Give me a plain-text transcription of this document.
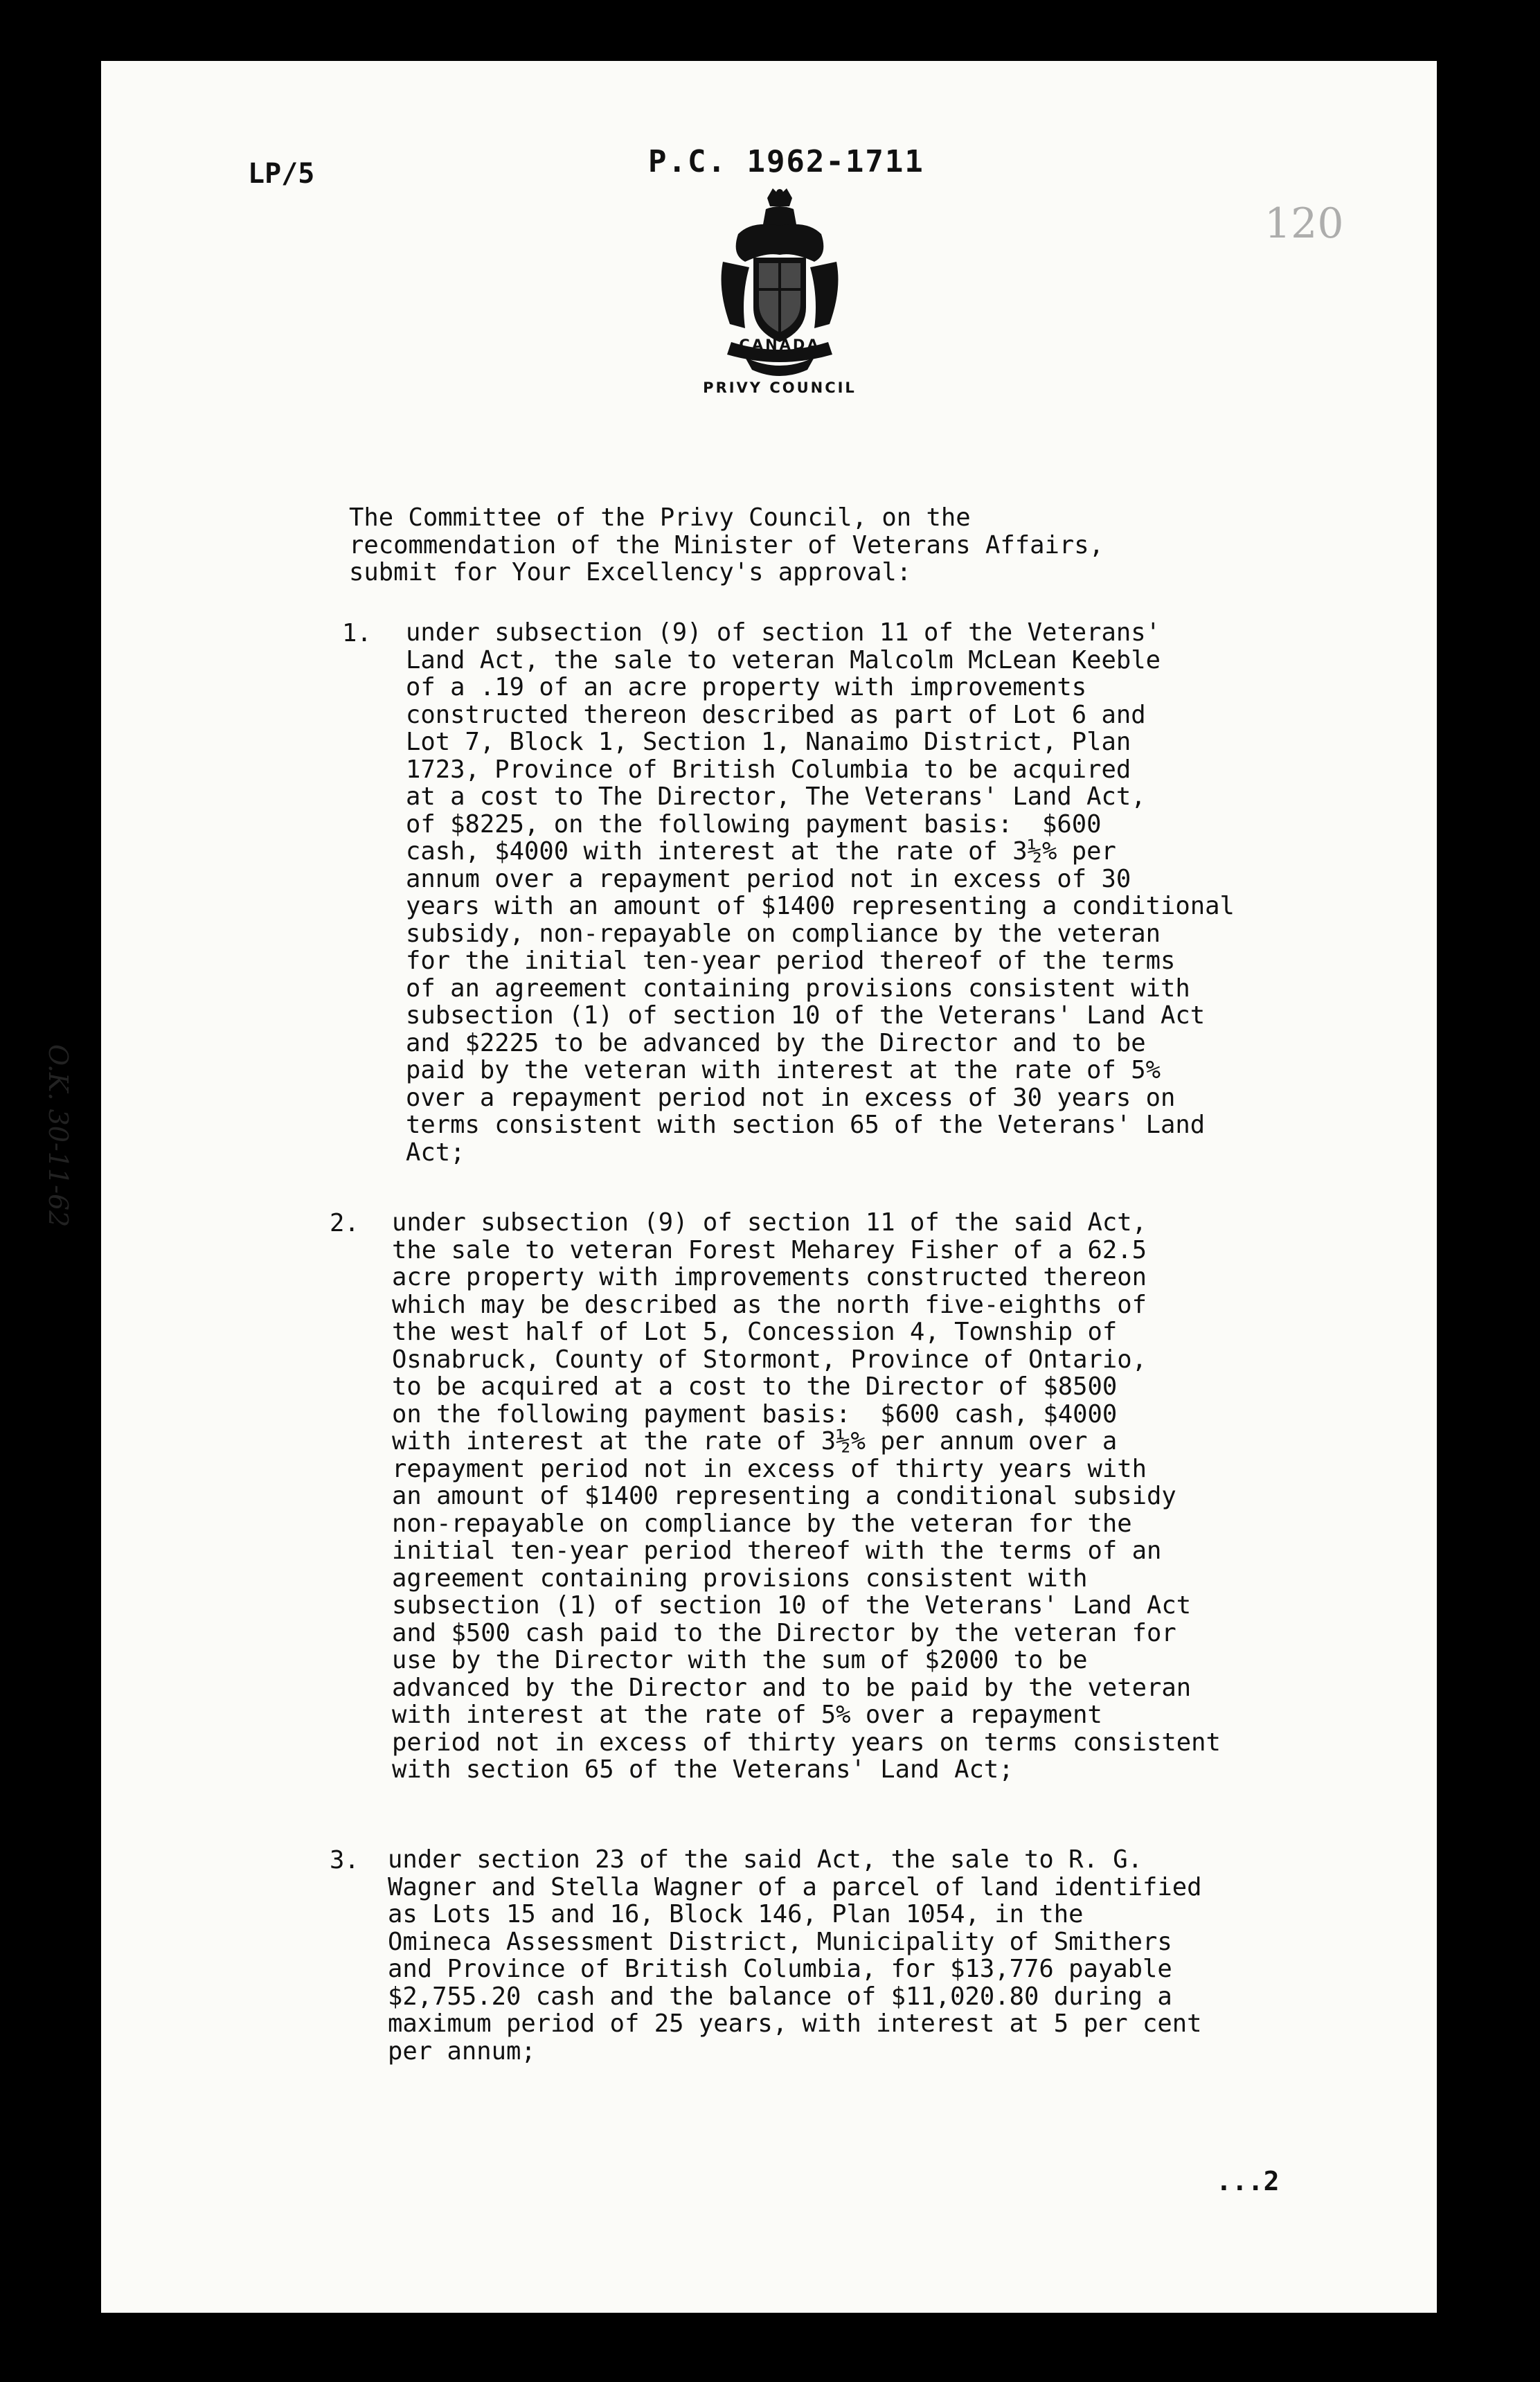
LP/5	P.C. 1962-1711
120
CANADA
PRIVY COUNCIL
O.K. 30-11-62
The Committee of the Privy Council, on the
recommendation of the Minister of Veterans Affairs,
submit for Your Excellency's approval:
1. under subsection (9) of section 11 of the Veterans'
Land Act, the sale to veteran Malcolm McLean Keeble
of a .19 of an acre property with improvements
constructed thereon described as part of Lot 6 and
Lot 7, Block 1, Section 1, Nanaimo District, Plan
1723, Province of British Columbia to be acquired
at a cost to The Director, The Veterans' Land Act,
of $8225, on the following payment basis:  $600
cash, $4000 with interest at the rate of 3½% per
annum over a repayment period not in excess of 30
years with an amount of $1400 representing a conditional
subsidy, non-repayable on compliance by the veteran
for the initial ten-year period thereof of the terms
of an agreement containing provisions consistent with
subsection (1) of section 10 of the Veterans' Land Act
and $2225 to be advanced by the Director and to be
paid by the veteran with interest at the rate of 5%
over a repayment period not in excess of 30 years on
terms consistent with section 65 of the Veterans' Land
Act;
2. under subsection (9) of section 11 of the said Act,
the sale to veteran Forest Meharey Fisher of a 62.5
acre property with improvements constructed thereon
which may be described as the north five-eighths of
the west half of Lot 5, Concession 4, Township of
Osnabruck, County of Stormont, Province of Ontario,
to be acquired at a cost to the Director of $8500
on the following payment basis:  $600 cash, $4000
with interest at the rate of 3½% per annum over a
repayment period not in excess of thirty years with
an amount of $1400 representing a conditional subsidy
non-repayable on compliance by the veteran for the
initial ten-year period thereof with the terms of an
agreement containing provisions consistent with
subsection (1) of section 10 of the Veterans' Land Act
and $500 cash paid to the Director by the veteran for
use by the Director with the sum of $2000 to be
advanced by the Director and to be paid by the veteran
with interest at the rate of 5% over a repayment
period not in excess of thirty years on terms consistent
with section 65 of the Veterans' Land Act;
3. under section 23 of the said Act, the sale to R. G.
Wagner and Stella Wagner of a parcel of land identified
as Lots 15 and 16, Block 146, Plan 1054, in the
Omineca Assessment District, Municipality of Smithers
and Province of British Columbia, for $13,776 payable
$2,755.20 cash and the balance of $11,020.80 during a
maximum period of 25 years, with interest at 5 per cent
per annum;
...2
